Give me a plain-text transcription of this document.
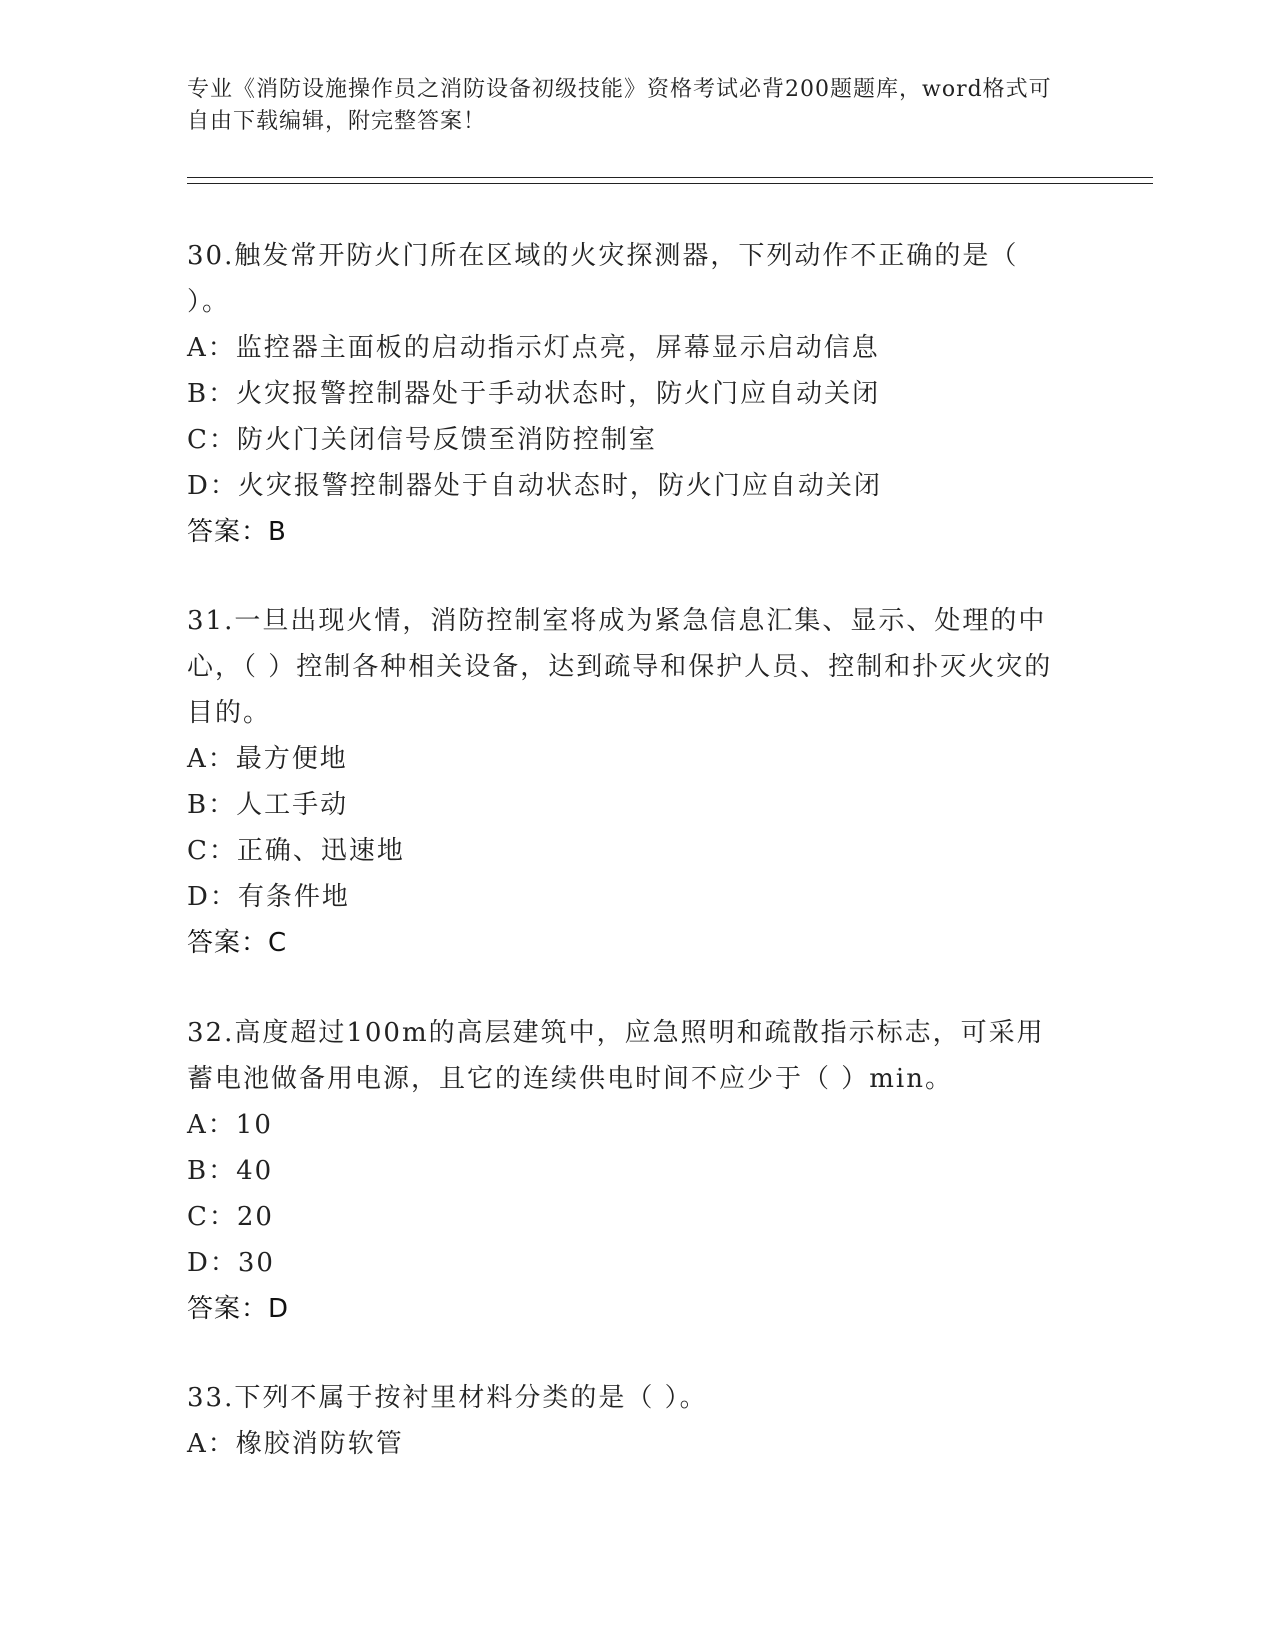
专业《消防设施操作员之消防设备初级技能》资格考试必背200题题库，word格式可自由下载编辑，附完整答案！
30.触发常开防火门所在区域的火灾探测器，下列动作不正确的是（ ）。
A：监控器主面板的启动指示灯点亮，屏幕显示启动信息
B：火灾报警控制器处于手动状态时，防火门应自动关闭
C：防火门关闭信号反馈至消防控制室
D：火灾报警控制器处于自动状态时，防火门应自动关闭
答案：B
31.一旦出现火情，消防控制室将成为紧急信息汇集、显示、处理的中心，（ ）控制各种相关设备，达到疏导和保护人员、控制和扑灭火灾的目的。
A：最方便地
B：人工手动
C：正确、迅速地
D：有条件地
答案：C
32.高度超过100m的高层建筑中，应急照明和疏散指示标志，可采用蓄电池做备用电源，且它的连续供电时间不应少于（ ）min。
A：10
B：40
C：20
D：30
答案：D
33.下列不属于按衬里材料分类的是（ ）。
A：橡胶消防软管
